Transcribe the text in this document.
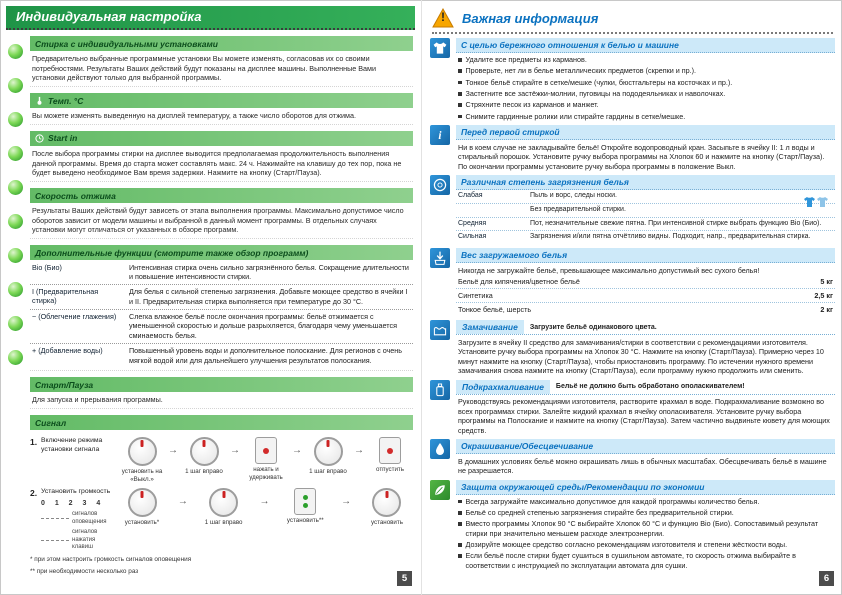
Индивидуальная настройка
Стирка с индивидуальными установками
Предварительно выбранные программные установки Вы можете изменять, согласовав их со своими потребностями. Результаты Ваших действий будут показаны на дисплее машины. Выполненные Вами установки действуют только для выбранной программы.
Темп. °C
Вы можете изменять выведенную на дисплей температуру, а также число оборотов для отжима.
Start in
После выбора программы стирки на дисплее выводится предполагаемая продолжительность выполнения данной программы. Время до старта может составлять макс. 24 ч. Нажимайте на клавишу до тех пор, пока не будет выведено необходимое Вам время задержки. Нажмите на кнопку (Старт/Пауза).
Скорость отжима
Результаты Ваших действий будут зависеть от этапа выполнения программы. Максимально допустимое число оборотов зависит от модели машины и выбранной в данный момент программы. В отдельных случаях установки могут отличаться от указанных в обзоре программ.
Дополнительные функции (смотрите также обзор программ)
Bio (Био)	Интенсивная стирка очень сильно загрязнённого белья. Сокращение длительности и повышение интенсивности стирки.
I (Предварительная стирка)
Для белья с сильной степенью загрязнения. Добавьте моющее средство в ячейки I и II. Предварительная стирка выполняется при температуре до 30 °C.
~ (Облегчение глажения)	Слегка влажное бельё после окончания программы: бельё отжимается с уменьшенной скоростью и дольше разрыхляется, благодаря чему уменьшается сминаемость белья.
+ (Добавление воды)	Повышенный уровень воды и дополнительное полоскание. Для регионов с очень мягкой водой или для дальнейшего улучшения результатов полоскания.
Старт/Пауза
Для запуска и прерывания программы.
Сигнал
1. Включение режима установки сигнала
установить на «Выкл.»
→
1 шаг вправо
→
нажать и удерживать
→
1 шаг вправо
→
отпустить
2. Установить громкость
0 1 2 3 4
сигналов оповещения
сигналов нажатия клавиш
установить*
→
1 шаг вправо
→
установить**
→
установить
* при этом настроить громкость сигналов оповещения
** при необходимости несколько раз
5
!	Важная информация
С целью бережного отношения к белью и машине
Удалите все предметы из карманов.
Проверьте, нет ли в белье металлических предметов (скрепки и пр.).
Тонкое бельё стирайте в сетке/мешке (чулки, бюстгальтеры на косточках и пр.).
Застегните все застёжки-молнии, пуговицы на пододеяльниках и наволочках.
Стряхните песок из карманов и манжет.
Снимите гардинные ролики или стирайте гардины в сетке/мешке.
i	Перед первой стиркой
Ни в коем случае не закладывайте бельё! Откройте водопроводный кран. Засыпьте в ячейку II: 1 л воды и стиральный порошок. Установите ручку выбора программы на Хлопок 60 и нажмите на кнопку (Старт/Пауза). По окончании программы установите ручку выбора программы в положение Выкл.
Различная степень загрязнения белья
Слабая	Пыль и ворс, следы носки.
Без предварительной стирки.
Средняя	Пот, незначительные свежие пятна. При интенсивной стирке выбрать функцию Bio (Био).
Сильная	Загрязнения и/или пятна отчётливо видны. Подходит, напр., предварительная стирка.
Вес загружаемого белья
Никогда не загружайте бельё, превышающее максимально допустимый вес сухого белья!
Бельё для кипячения/цветное бельё	5 кг
Синтетика	2,5 кг
Тонкое бельё, шерсть	2 кг
Замачивание	Загрузите бельё одинакового цвета.
Загрузите в ячейку II средство для замачивания/стирки в соответствии с рекомендациями изготовителя. Установите ручку выбора программы на Хлопок 30 °C. Нажмите на кнопку (Старт/Пауза). Примерно через 10 минут нажмите на кнопку (Старт/Пауза), чтобы приостановить программу. По истечении нужного времени замачивания снова нажмите на кнопку (Старт/Пауза), если программу нужно продолжить или сменить.
Подкрахмаливание	Бельё не должно быть обработано ополаскивателем!
Руководствуясь рекомендациями изготовителя, растворите крахмал в воде. Подкрахмаливание возможно во всех программах стирки. Залейте жидкий крахмал в ячейку ополаскивателя. Установите ручку выбора программы на Полоскание и нажмите на кнопку (Старт/Пауза). Затем частично выдвиньте кювету для моющих средств.
Окрашивание/Обесцвечивание
В домашних условиях бельё можно окрашивать лишь в обычных масштабах. Обесцвечивать бельё в машине не разрешается.
Защита окружающей среды/Рекомендации по экономии
Всегда загружайте максимально допустимое для каждой программы количество белья.
Бельё со средней степенью загрязнения стирайте без предварительной стирки.
Вместо программы Хлопок 90 °C выбирайте Хлопок 60 °C и функцию Bio (Био). Сопоставимый результат стирки при значительно меньшем расходе электроэнергии.
Дозируйте моющее средство согласно рекомендациям изготовителя и степени жёсткости воды.
Если бельё после стирки будет сушиться в сушильном автомате, то скорость отжима выбирайте в соответствии с инструкцией по эксплуатации автомата для сушки.
6
